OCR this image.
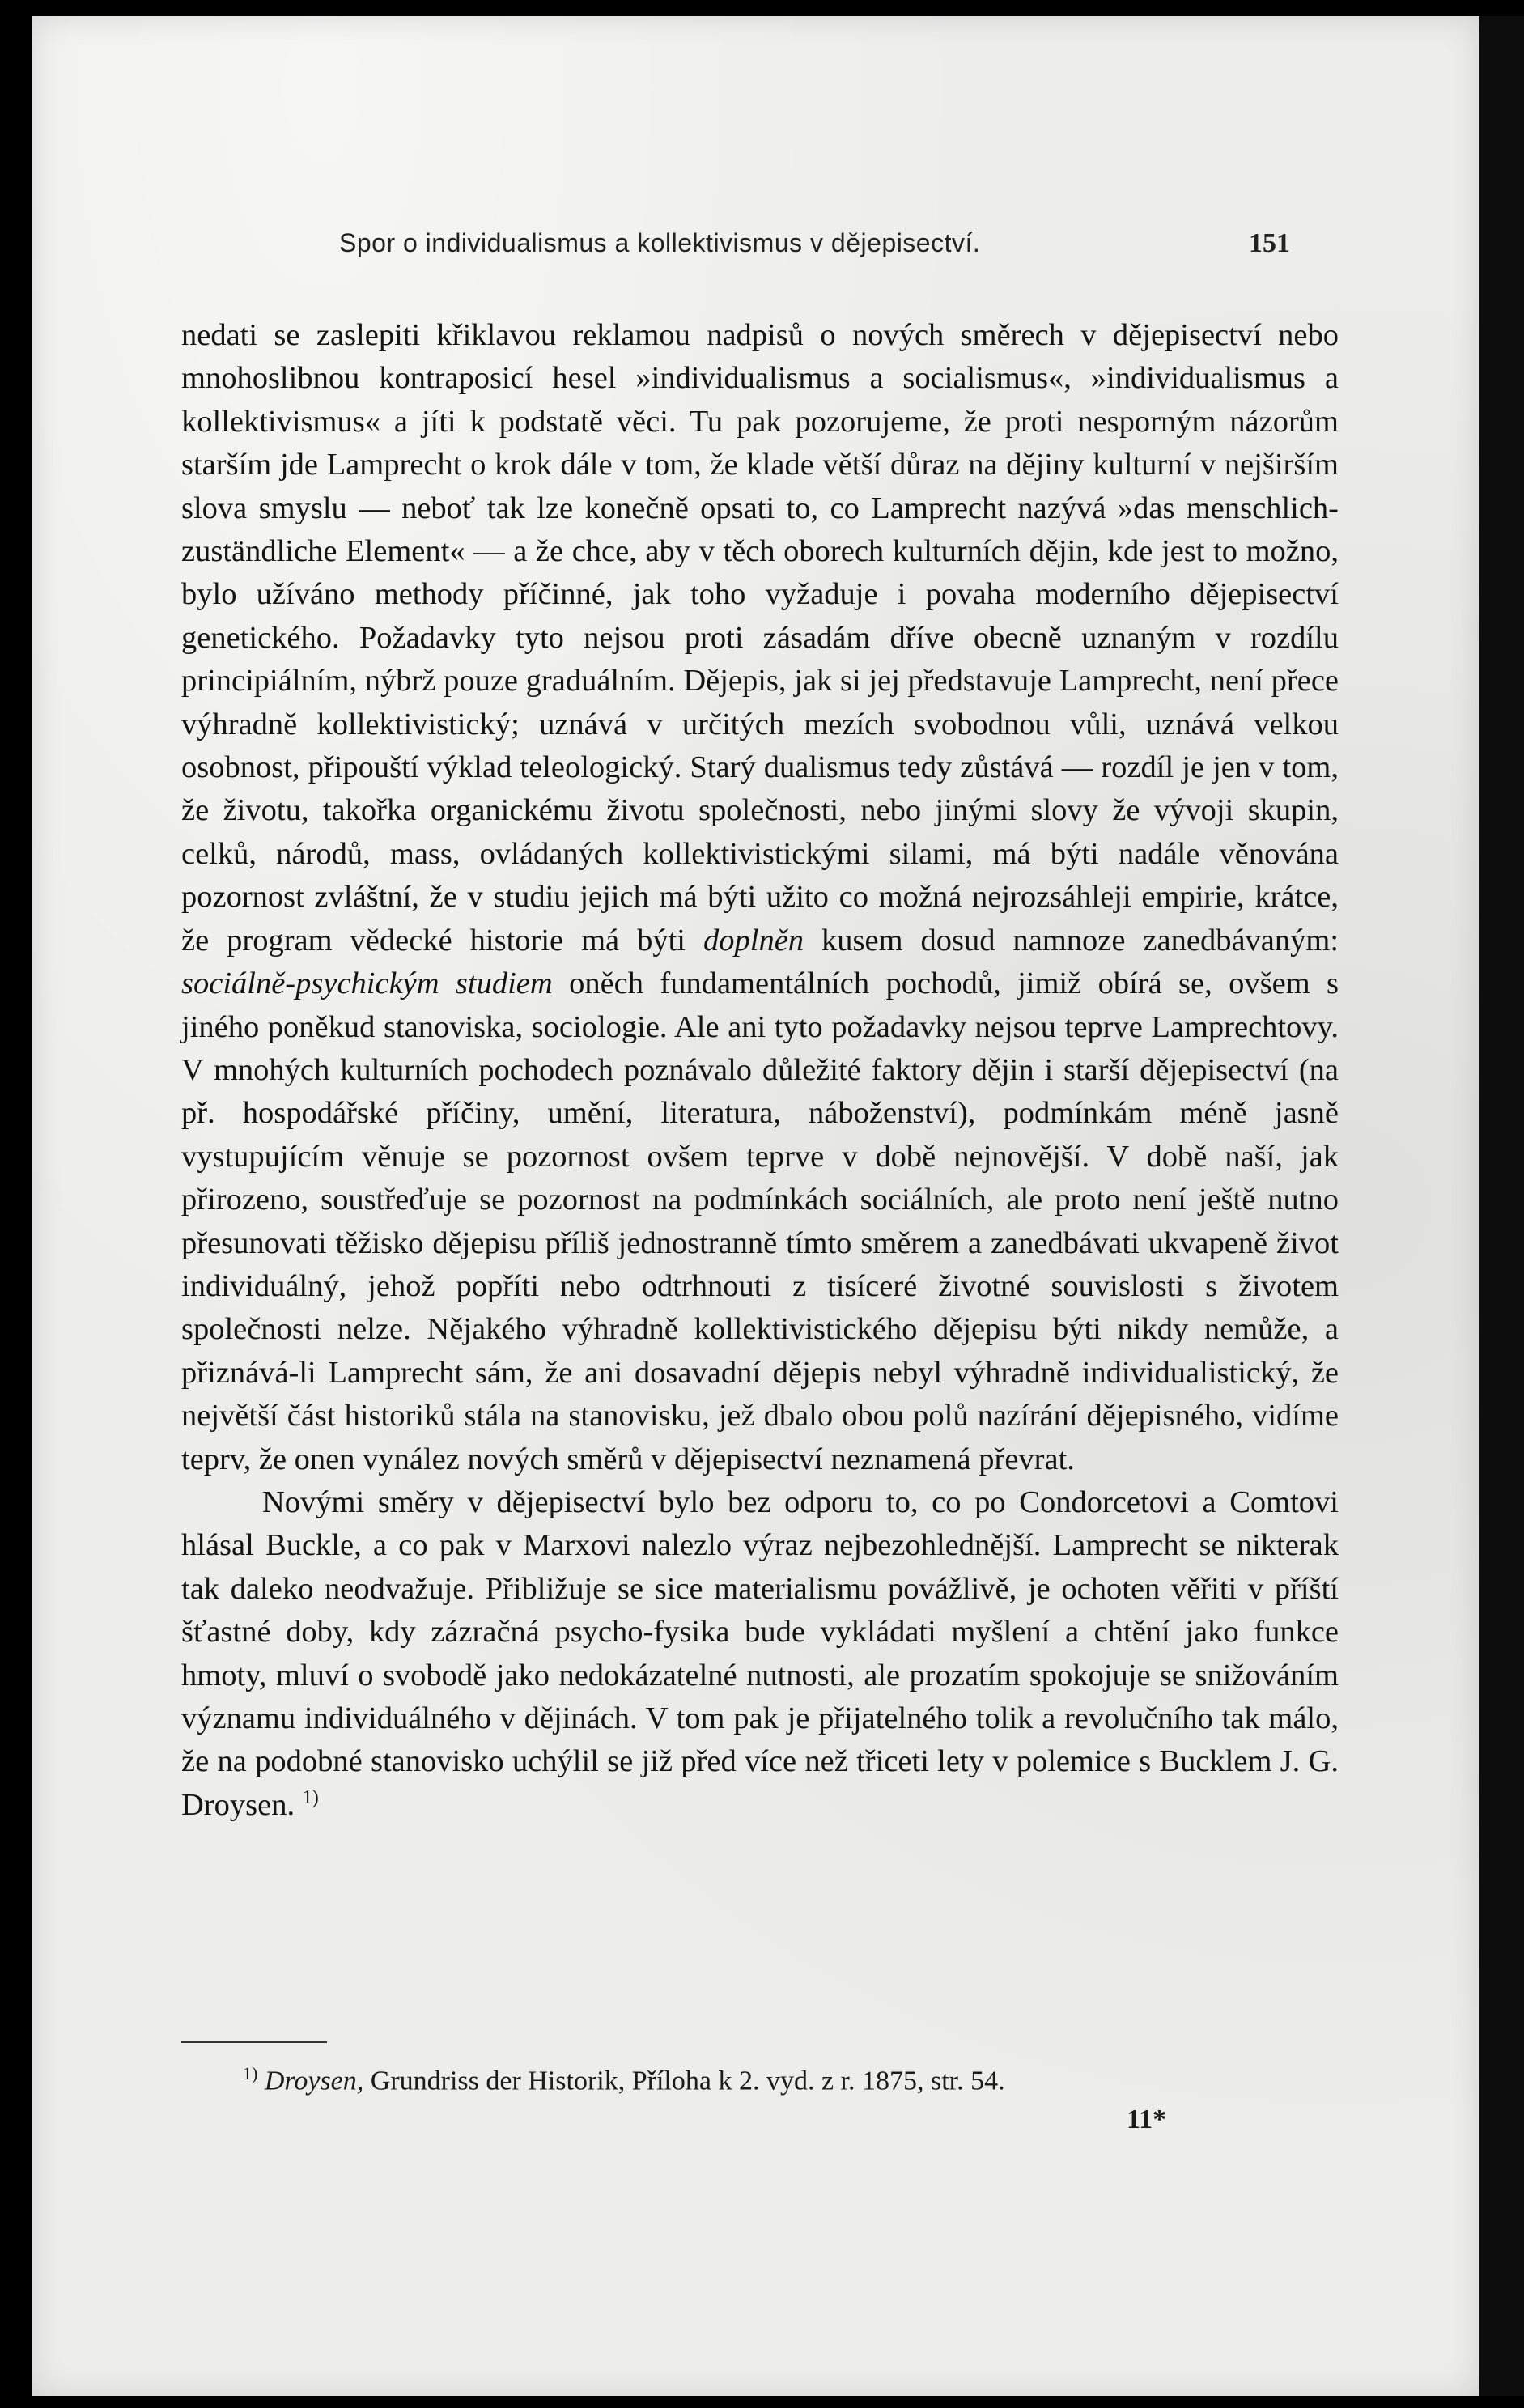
Spor o individualismus a kollektivismus v dějepisectví.	151

nedati se zaslepiti křiklavou reklamou nadpisů o nových směrech v dějepisectví nebo mnohoslibnou kontraposicí hesel »individualismus a socialismus«, »individualismus a kollektivismus« a jíti k podstatě věci. Tu pak pozorujeme, že proti nesporným názorům starším jde Lamprecht o krok dále v tom, že klade větší důraz na dějiny kulturní v nejširším slova smyslu — neboť tak lze konečně opsati to, co Lamprecht nazývá »das menschlich-zuständliche Element« — a že chce, aby v těch oborech kulturních dějin, kde jest to možno, bylo užíváno methody příčinné, jak toho vyžaduje i povaha moderního dějepisectví genetického. Požadavky tyto nejsou proti zásadám dříve obecně uznaným v rozdílu principiálním, nýbrž pouze graduálním. Dějepis, jak si jej představuje Lamprecht, není přece výhradně kollektivistický; uznává v určitých mezích svobodnou vůli, uznává velkou osobnost, připouští výklad teleologický. Starý dualismus tedy zůstává — rozdíl je jen v tom, že životu, takořka organickému životu společnosti, nebo jinými slovy že vývoji skupin, celků, národů, mass, ovládaných kollektivistickými silami, má býti nadále věnována pozornost zvláštní, že v studiu jejich má býti užito co možná nejrozsáhleji empirie, krátce, že program vědecké historie má býti doplněn kusem dosud namnoze zanedbávaným: sociálně-psychickým studiem oněch fundamentálních pochodů, jimiž obírá se, ovšem s jiného poněkud stanoviska, sociologie. Ale ani tyto požadavky nejsou teprve Lamprechtovy. V mnohých kulturních pochodech poznávalo důležité faktory dějin i starší dějepisectví (na př. hospodářské příčiny, umění, literatura, náboženství), podmínkám méně jasně vystupujícím věnuje se pozornost ovšem teprve v době nejnovější. V době naší, jak přirozeno, soustřeďuje se pozornost na podmínkách sociálních, ale proto není ještě nutno přesunovati těžisko dějepisu příliš jednostranně tímto směrem a zanedbávati ukvapeně život individuálný, jehož popříti nebo odtrhnouti z tisíceré životné souvislosti s životem společnosti nelze. Nějakého výhradně kollektivistického dějepisu býti nikdy nemůže, a přiznává-li Lamprecht sám, že ani dosavadní dějepis nebyl výhradně individualistický, že největší část historiků stála na stanovisku, jež dbalo obou polů nazírání dějepisného, vidíme teprv, že onen vynález nových směrů v dějepisectví neznamená převrat.

Novými směry v dějepisectví bylo bez odporu to, co po Condorcetovi a Comtovi hlásal Buckle, a co pak v Marxovi nalezlo výraz nejbezohlednější. Lamprecht se nikterak tak daleko neodvažuje. Přibližuje se sice materialismu povážlivě, je ochoten věřiti v příští šťastné doby, kdy zázračná psycho-fysika bude vykládati myšlení a chtění jako funkce hmoty, mluví o svobodě jako nedokázatelné nutnosti, ale prozatím spokojuje se snižováním významu individuálného v dějinách. V tom pak je přijatelného tolik a revolučního tak málo, že na podobné stanovisko uchýlil se již před více než třiceti lety v polemice s Bucklem J. G. Droysen. $^{1)}$

$^{1)}$ Droysen, Grundriss der Historik, Příloha k 2. vyd. z r. 1875, str. 54.
11*
